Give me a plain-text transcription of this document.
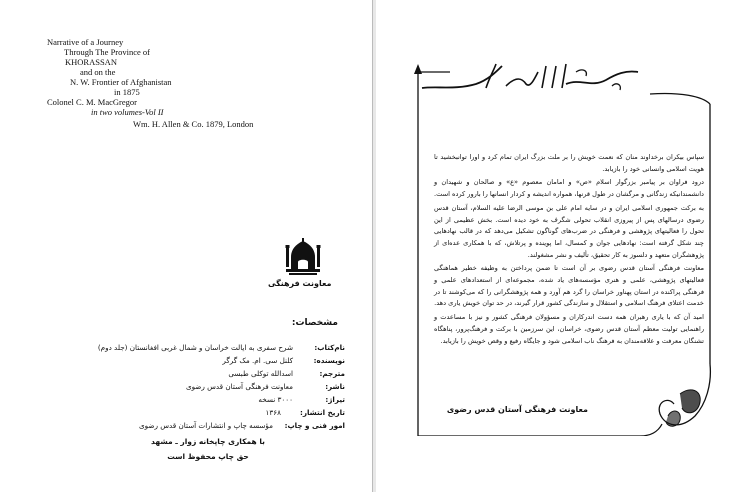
Narrative of a Journey
Through The Province of
KHORASSAN
and on the
N. W. Frontier of Afghanistan
in 1875
Colonel C. M. MacGregor
in two volumes-Vol II
Wm. H. Allen & Co. 1879, London
معاونت فرهنگی
مشخصات:
نام‌کتاب:شرح سفری به ایالت خراسان و شمال غربی افغانستان (جلد دوم)
نویسنده:کلنل سی. ام. مک گرگر
مترجم:اسدالله توکلی طبسی
ناشر:معاونت فرهنگی آستان قدس رضوی
تیراژ:۳۰۰۰ نسخه
تاریخ انتشار:۱۳۶۸
امور فنی و چاپ:مؤسسه چاپ و انتشارات آستان قدس رضوی
با همکاری چاپخانه زوار ـ مشهد
حق چاپ محفوظ است

سپاس بیکران برخداوند منان که نعمت خویش را بر ملت بزرگ ایران تمام کرد و اورا توانبخشید تا هویت اسلامی وانسانی خود را بازیابد.

درود فراوان بر پیامبر بزرگوار اسلام «ص» و امامان معصوم «ع» و صالحان و شهیدان و دانشمندانیکه زندگانی و مرگشان در طول قرنها، همواره اندیشه و کردار انسانها را بارور کرده است.

به برکت جمهوری اسلامی ایران و در سایه امام علی بن موسی الرضا علیه السلام، آستان قدس رضوی درسالهای پس از پیروزی انقلاب تحولی شگرف به خود دیده است. بخش عظیمی از این تحول را فعالیتهای پژوهشی و فرهنگی در ضرب‌های گوناگون تشکیل می‌دهد که در قالب نهادهایی چند شکل گرفته است: نهادهایی جوان و کمسال، اما پوینده و پرتلاش، که با همکاری عده‌ای از پژوهشگران متعهد و دلسوز به کار تحقیق، تألیف و نشر مشغولند.

معاونت فرهنگی آستان قدس رضوی بر آن است تا ضمن پرداختن به وظیفه خطیر هماهنگی فعالیتهای پژوهشی، علمی و هنری مؤسسه‌های یاد شده، مجموعه‌ای از استعدادهای علمی و فرهنگی پراکنده در استان پهناور خراسان را گرد هم آورد و همه پژوهشگرانی را که می‌کوشند تا در خدمت اعتلای فرهنگ اسلامی و استقلال و سازندگی کشور قرار گیرند، در حد توان خویش یاری دهد.

امید آن که با یاری رهبران همه دست اندرکاران و مسؤولان فرهنگی کشور و نیز با مساعدت و راهنمایی تولیت معظم آستان قدس رضوی، خراسان، این سرزمین با برکت و فرهنگ‌پرور، پناهگاه تشنگان معرفت و علاقه‌مندان به فرهنگ ناب اسلامی شود و جایگاه رفیع و وقص خویش را بازیابد.

معاونت فرهنگی آستان قدس رضوی
